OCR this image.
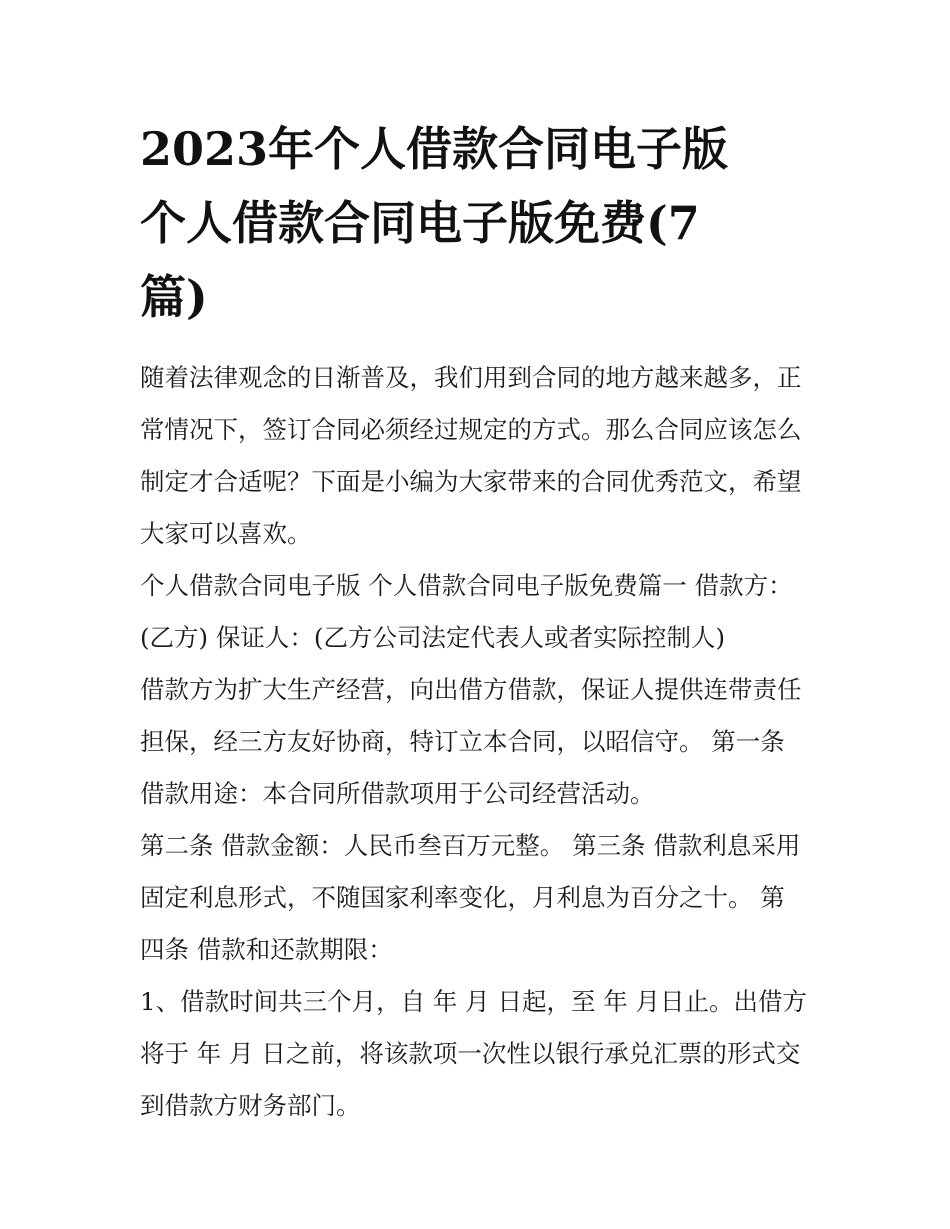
2023年个人借款合同电子版
个人借款合同电子版免费(7
篇)
随着法律观念的日渐普及，我们用到合同的地方越来越多，正
常情况下，签订合同必须经过规定的方式。那么合同应该怎么
制定才合适呢？下面是小编为大家带来的合同优秀范文，希望
大家可以喜欢。
个人借款合同电子版 个人借款合同电子版免费篇一 借款方：
(乙方) 保证人：(乙方公司法定代表人或者实际控制人)
借款方为扩大生产经营，向出借方借款，保证人提供连带责任
担保，经三方友好协商，特订立本合同，以昭信守。 第一条
借款用途：本合同所借款项用于公司经营活动。
第二条 借款金额：人民币叁百万元整。 第三条 借款利息采用
固定利息形式，不随国家利率变化，月利息为百分之十。 第
四条 借款和还款期限：
1、借款时间共三个月，自 年 月 日起，至 年 月日止。出借方
将于 年 月 日之前，将该款项一次性以银行承兑汇票的形式交
到借款方财务部门。
